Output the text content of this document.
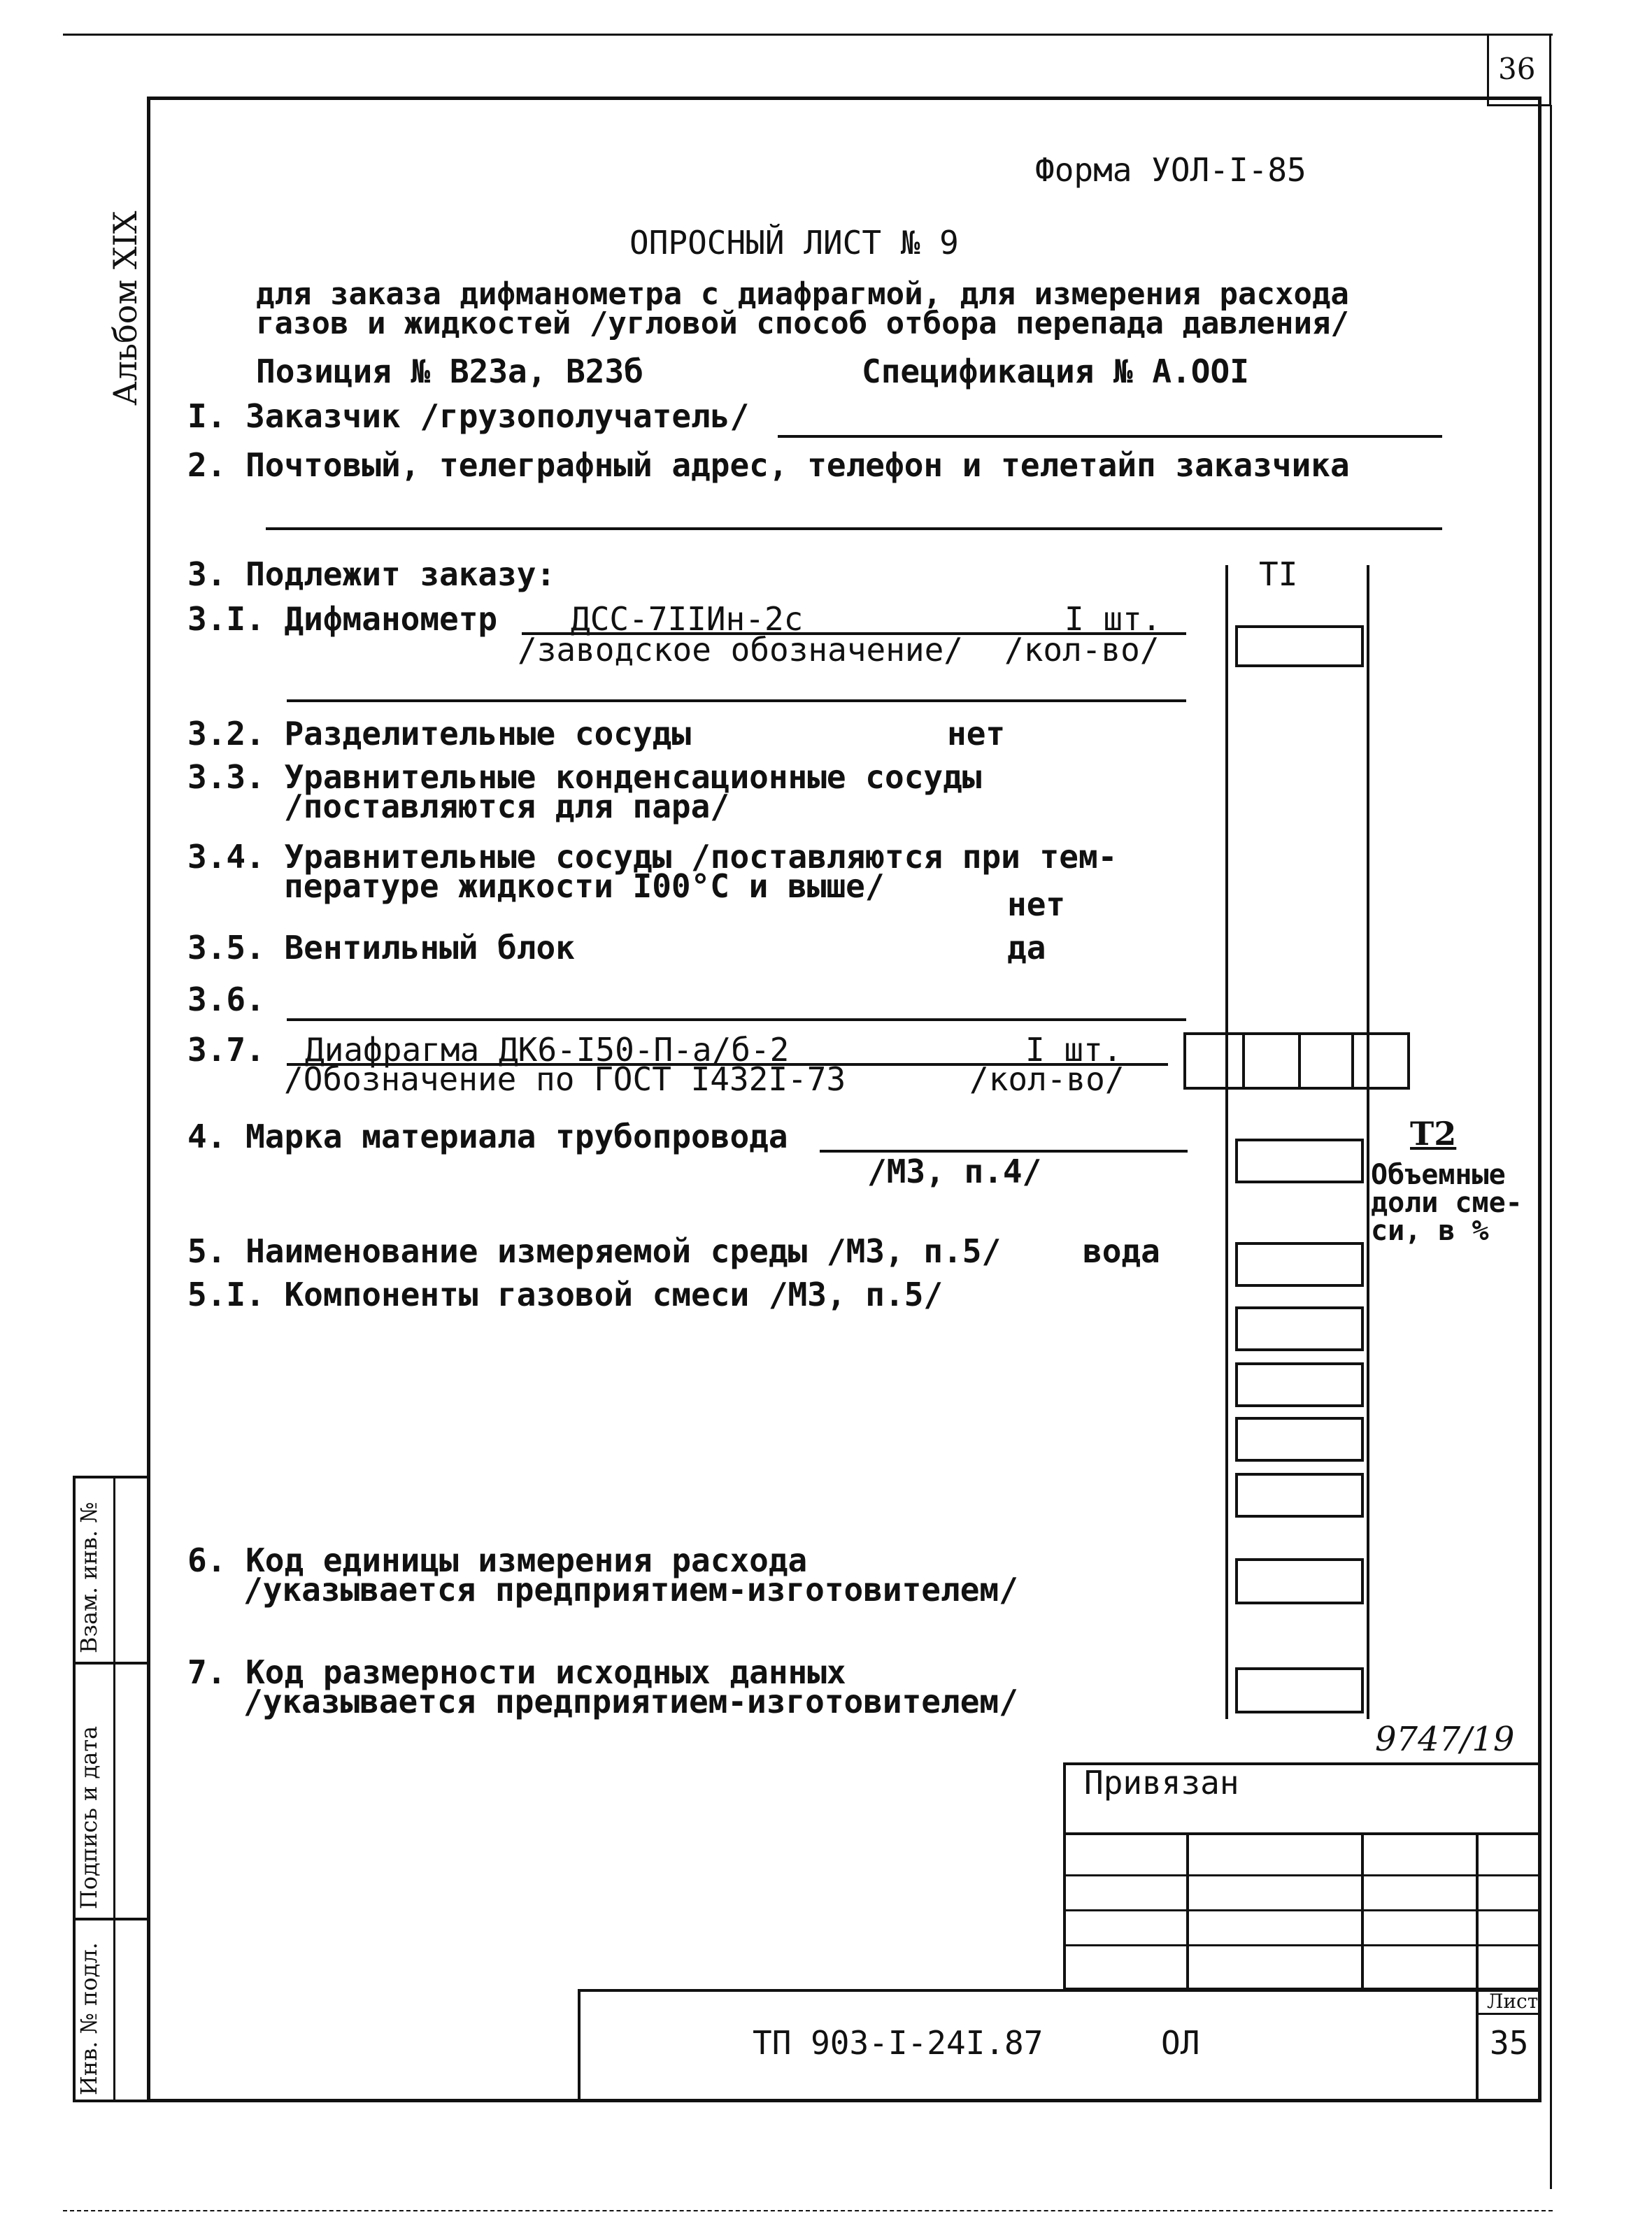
36
Альбом XIX
Форма УОЛ-I-85
ОПРОСНЫЙ ЛИСТ № 9
для заказа дифманометра с диафрагмой, для измерения расхода
газов и жидкостей /угловой способ отбора перепада давления/
Позиция № В23а, В23б	Спецификация № А.ООI
I. Заказчик /грузополучатель/
2. Почтовый, телеграфный адрес, телефон и телетайп заказчика
3. Подлежит заказу:	TI
3.I. Дифманометр ДСС-7IIИн-2с	I шт.
/заводское обозначение/ /кол-во/
3.2. Разделительные сосуды	нет
3.3. Уравнительные конденсационные сосуды
/поставляются для пара/
3.4. Уравнительные сосуды /поставляются при тем-
пературе жидкости I00°С и выше/	нет
3.5. Вентильный блок	да
3.6.
3.7. Диафрагма ДК6-I50-П-а/б-2	I шт.
/Обозначение по ГОСТ I432I-73	/кол-во/
4. Марка материала трубопровода
/МЗ, п.4/
T2
Объемные
доли сме-
си, в %
5. Наименование измеряемой среды /МЗ, п.5/	вода
5.I. Компоненты газовой смеси /МЗ, п.5/
6. Код единицы измерения расхода
/указывается предприятием-изготовителем/
7. Код размерности исходных данных
/указывается предприятием-изготовителем/
9747/19
Привязан
ТП 903-I-24I.87	ОЛ
Лист
35
Взам. инв. №
Подпись и дата
Инв. № подл.
